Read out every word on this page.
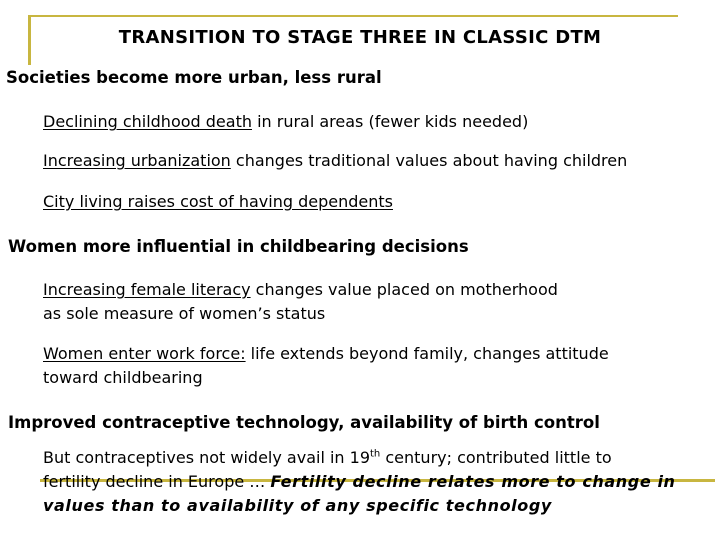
TRANSITION TO STAGE THREE IN CLASSIC DTM
Societies become more urban, less rural
Declining childhood death in rural areas (fewer kids needed)
Increasing urbanization changes traditional values about having children
City living raises cost of having dependents
Women more influential in childbearing decisions
Increasing female literacy changes value placed on motherhood
as sole measure of women’s status
Women enter work force: life extends beyond family, changes attitude
toward childbearing
Improved contraceptive technology, availability of birth control
But contraceptives not widely avail in 19th century; contributed little to
fertility decline in Europe … Fertility decline relates more to change in
values than to availability of any specific technology
